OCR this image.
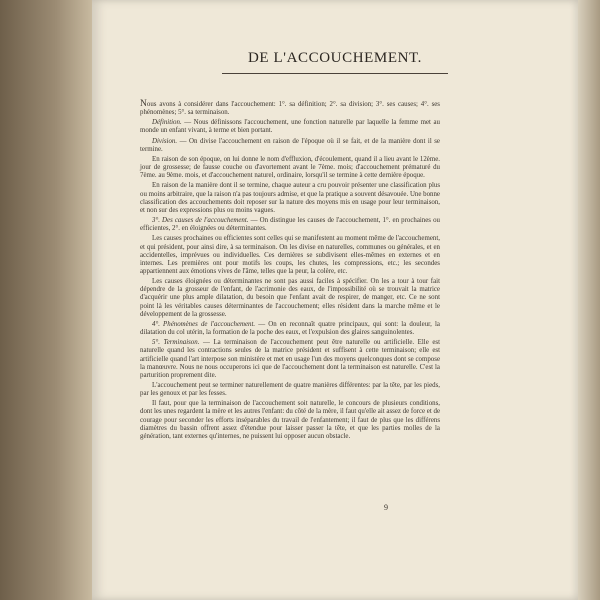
DE L'ACCOUCHEMENT.

Nous avons à considérer dans l'accouchement: 1°. sa définition; 2°. sa division; 3°. ses causes; 4°. ses phénomènes; 5°. sa terminaison.

Définition. — Nous définissons l'accouchement, une fonction naturelle par laquelle la femme met au monde un enfant vivant, à terme et bien portant.

Division. — On divise l'accouchement en raison de l'époque où il se fait, et de la manière dont il se termine.

En raison de son époque, on lui donne le nom d'effluxion, d'écoulement, quand il a lieu avant le 12ème. jour de grossesse; de fausse couche ou d'avortement avant le 7ème. mois; d'accouchement prématuré du 7ème. au 9ème. mois, et d'accouchement naturel, ordinaire, lorsqu'il se termine à cette dernière époque.

En raison de la manière dont il se termine, chaque auteur a cru pouvoir présenter une classification plus ou moins arbitraire, que la raison n'a pas toujours admise, et que la pratique a souvent désavouée. Une bonne classification des accouchements doit reposer sur la nature des moyens mis en usage pour leur terminaison, et non sur des expressions plus ou moins vagues.

3°. Des causes de l'accouchement. — On distingue les causes de l'accouchement, 1°. en prochaines ou efficientes, 2°. en éloignées ou déterminantes.

Les causes prochaines ou efficientes sont celles qui se manifestent au moment même de l'accouchement, et qui président, pour ainsi dire, à sa terminaison. On les divise en naturelles, communes ou générales, et en accidentelles, imprévues ou individuelles. Ces dernières se subdivisent elles-mêmes en externes et en internes. Les premières ont pour motifs les coups, les chutes, les compressions, etc.; les secondes appartiennent aux émotions vives de l'âme, telles que la peur, la colère, etc.

Les causes éloignées ou déterminantes ne sont pas aussi faciles à spécifier. On les a tour à tour fait dépendre de la grosseur de l'enfant, de l'acrimonie des eaux, de l'impossibilité où se trouvait la matrice d'acquérir une plus ample dilatation, du besoin que l'enfant avait de respirer, de manger, etc. Ce ne sont point là les véritables causes déterminantes de l'accouchement; elles résident dans la marche même et le développement de la grossesse.

4°. Phénomènes de l'accouchement. — On en reconnaît quatre principaux, qui sont: la douleur, la dilatation du col utérin, la formation de la poche des eaux, et l'expulsion des glaires sanguinolentes.

5°. Terminaison. — La terminaison de l'accouchement peut être naturelle ou artificielle. Elle est naturelle quand les contractions seules de la matrice président et suffisent à cette terminaison; elle est artificielle quand l'art interpose son ministère et met en usage l'un des moyens quelconques dont se compose la manœuvre. Nous ne nous occuperons ici que de l'accouchement dont la terminaison est naturelle. C'est la parturition proprement dite.

L'accouchement peut se terminer naturellement de quatre manières différentes: par la tête, par les pieds, par les genoux et par les fesses.

Il faut, pour que la terminaison de l'accouchement soit naturelle, le concours de plusieurs conditions, dont les unes regardent la mère et les autres l'enfant: du côté de la mère, il faut qu'elle ait assez de force et de courage pour seconder les efforts inséparables du travail de l'enfantement; il faut de plus que les différens diamètres du bassin offrent assez d'étendue pour laisser passer la tête, et que les parties molles de la génération, tant externes qu'internes, ne puissent lui opposer aucun obstacle.

9
